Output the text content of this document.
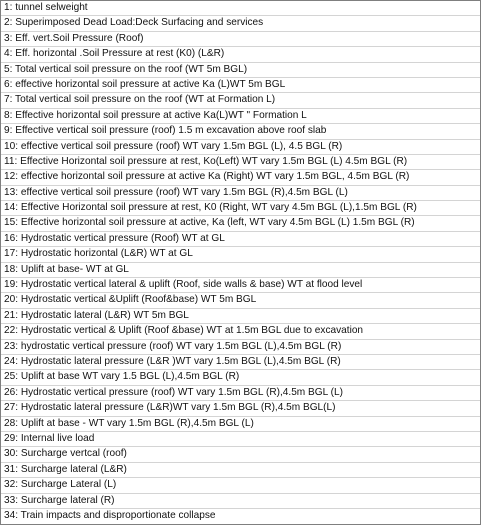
1: tunnel selweight
2: Superimposed Dead Load:Deck Surfacing and services
3: Eff. vert.Soil Pressure (Roof)
4: Eff. horizontal .Soil Pressure at rest (K0) (L&R)
5: Total vertical soil pressure on the roof (WT 5m BGL)
6: effective horizontal soil pressure at active Ka (L)WT 5m BGL
7: Total vertical soil pressure on the roof (WT at Formation L)
8: Effective horizontal soil pressure at active Ka(L)WT " Formation L
9: Effective vertical soil pressure (roof) 1.5 m excavation above roof slab
10: effective vertical soil pressure (roof) WT vary 1.5m BGL (L), 4.5 BGL (R)
11: Effective Horizontal soil pressure at rest, Ko(Left) WT vary 1.5m BGL (L) 4.5m BGL (R)
12: effective horizontal soil pressure at active Ka (Right) WT vary 1.5m BGL, 4.5m BGL (R)
13: effective vertical soil pressure (roof) WT vary 1.5m BGL (R),4.5m BGL (L)
14: Effective Horizontal soil pressure at rest, K0 (Right, WT vary 4.5m BGL (L),1.5m BGL (R)
15: Effective horizontal soil pressure at active, Ka (left, WT vary 4.5m BGL (L) 1.5m BGL (R)
16: Hydrostatic vertical pressure (Roof) WT at GL
17: Hydrostatic horizontal (L&R) WT at GL
18: Uplift at base- WT at GL
19: Hydrostatic vertical lateral & uplift (Roof, side walls & base) WT at flood level
20: Hydrostatic vertical &Uplift (Roof&base) WT 5m BGL
21: Hydrostatic lateral (L&R) WT 5m BGL
22: Hydrostatic vertical & Uplift (Roof &base) WT at 1.5m BGL due to excavation
23: hydrostatic vertical pressure (roof) WT vary 1.5m BGL (L),4.5m BGL (R)
24: Hydrostatic lateral pressure (L&R )WT vary 1.5m BGL (L),4.5m BGL (R)
25: Uplift at base WT vary 1.5 BGL (L),4.5m BGL (R)
26: Hydrostatic vertical pressure (roof) WT vary 1.5m BGL (R),4.5m BGL (L)
27: Hydrostatic lateral pressure (L&R)WT vary 1.5m BGL (R),4.5m BGL(L)
28: Uplift at base - WT vary 1.5m BGL (R),4.5m BGL (L)
29: Internal live load
30: Surcharge vertcal (roof)
31: Surcharge lateral (L&R)
32: Surcharge Lateral (L)
33: Surcharge lateral (R)
34: Train impacts and disproportionate collapse
